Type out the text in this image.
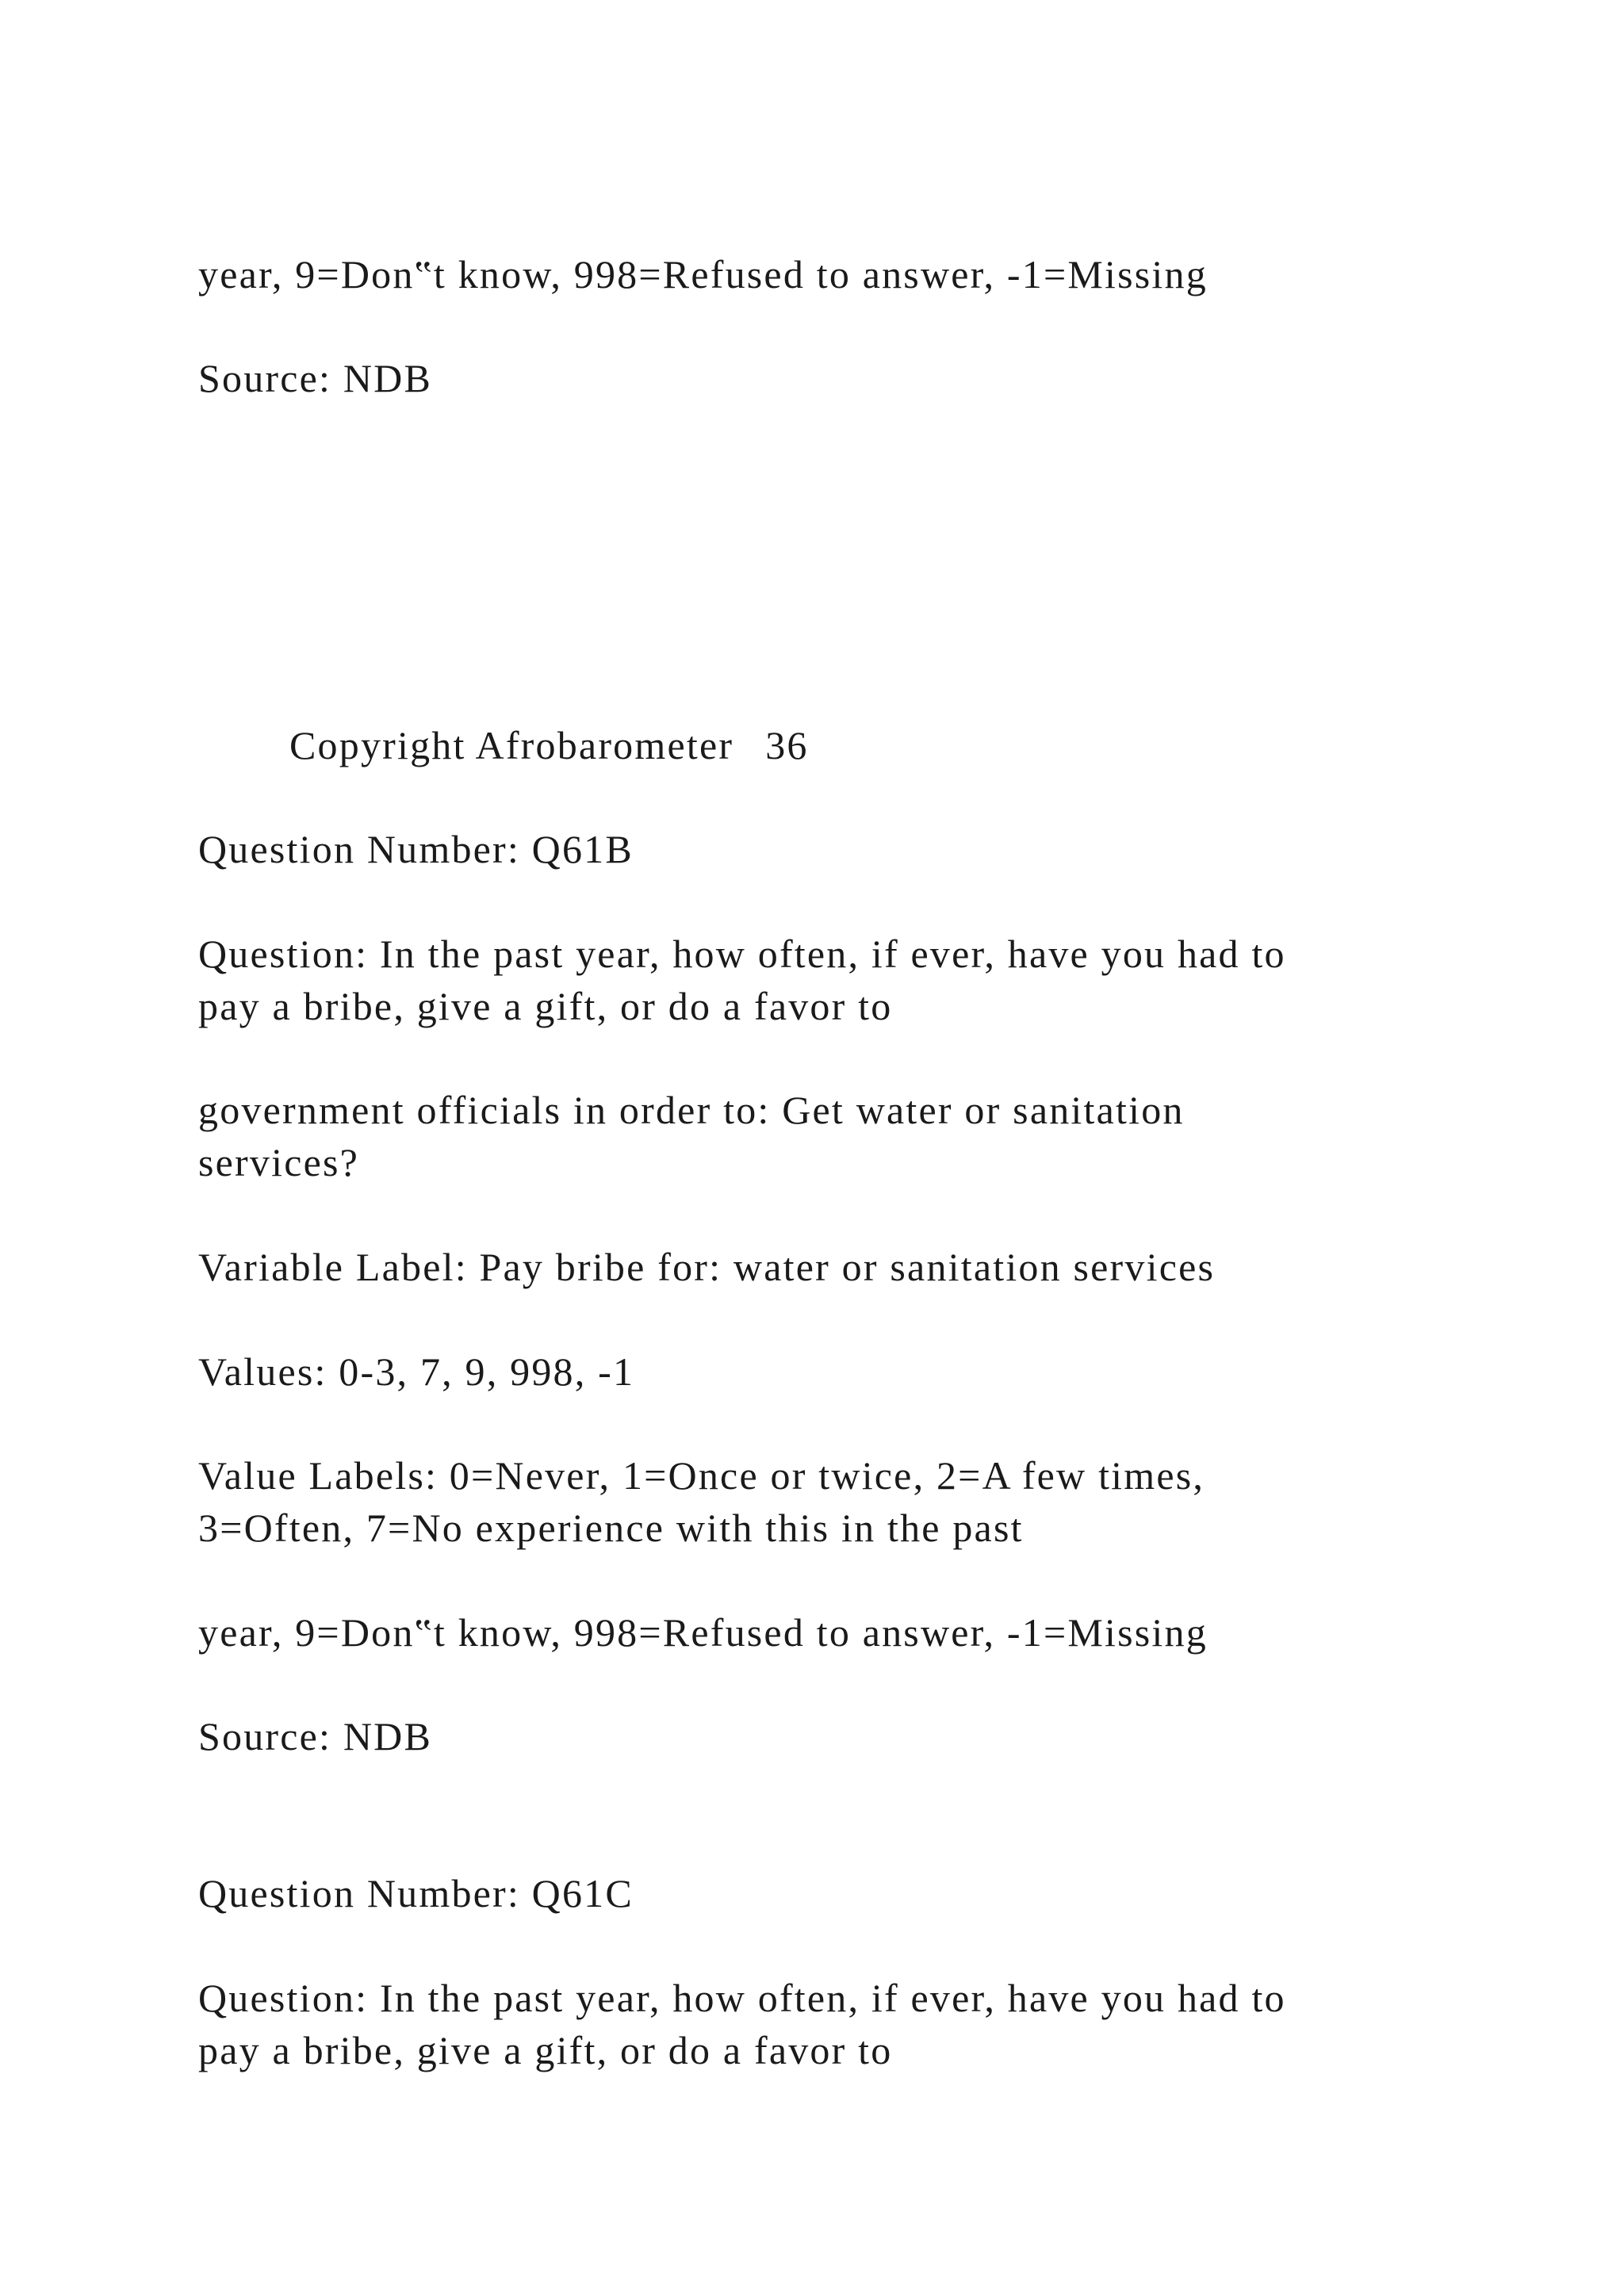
year, 9=Don‟t know, 998=Refused to answer, -1=Missing

Source: NDB

Copyright Afrobarometer 36

Question Number: Q61B

Question: In the past year, how often, if ever, have you had to
pay a bribe, give a gift, or do a favor to

government officials in order to: Get water or sanitation
services?

Variable Label: Pay bribe for: water or sanitation services

Values: 0-3, 7, 9, 998, -1

Value Labels: 0=Never, 1=Once or twice, 2=A few times,
3=Often, 7=No experience with this in the past

year, 9=Don‟t know, 998=Refused to answer, -1=Missing

Source: NDB

Question Number: Q61C

Question: In the past year, how often, if ever, have you had to
pay a bribe, give a gift, or do a favor to
